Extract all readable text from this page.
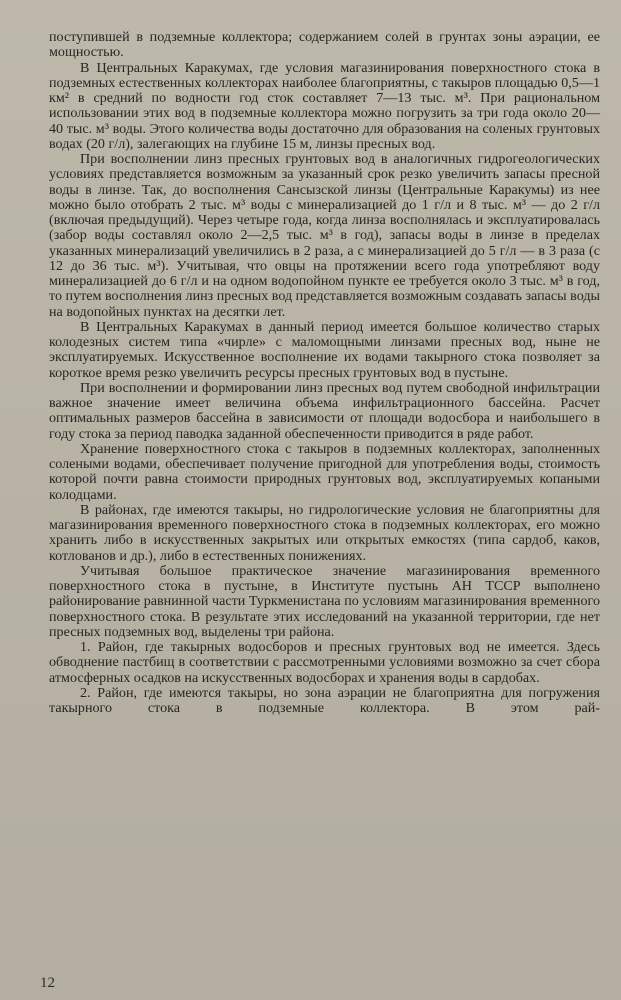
поступившей в подземные коллектора; содержанием солей в грунтах зоны аэрации, ее мощностью.

В Центральных Каракумах, где условия магазинирования поверхностного стока в подземных естественных коллекторах наиболее благоприятны, с такыров площадью 0,5—1 км² в средний по водности год сток составляет 7—13 тыс. м³. При рациональном использовании этих вод в подземные коллектора можно погрузить за три года около 20—40 тыс. м³ воды. Этого количества воды достаточно для образования на соленых грунтовых водах (20 г/л), залегающих на глубине 15 м, линзы пресных вод.

При восполнении линз пресных грунтовых вод в аналогичных гидрогеологических условиях представляется возможным за указанный срок резко увеличить запасы пресной воды в линзе. Так, до восполнения Сансызской линзы (Центральные Каракумы) из нее можно было отобрать 2 тыс. м³ воды с минерализацией до 1 г/л и 8 тыс. м³ — до 2 г/л (включая предыдущий). Через четыре года, когда линза восполнялась и эксплуатировалась (забор воды составлял около 2—2,5 тыс. м³ в год), запасы воды в линзе в пределах указанных минерализаций увеличились в 2 раза, а с минерализацией до 5 г/л — в 3 раза (с 12 до 36 тыс. м³). Учитывая, что овцы на протяжении всего года употребляют воду минерализацией до 6 г/л и на одном водопойном пункте ее требуется около 3 тыс. м³ в год, то путем восполнения линз пресных вод представляется возможным создавать запасы воды на водопойных пунктах на десятки лет.

В Центральных Каракумах в данный период имеется большое количество старых колодезных систем типа «чирле» с маломощными линзами пресных вод, ныне не эксплуатируемых. Искусственное восполнение их водами такырного стока позволяет за короткое время резко увеличить ресурсы пресных грунтовых вод в пустыне.

При восполнении и формировании линз пресных вод путем свободной инфильтрации важное значение имеет величина объема инфильтрационного бассейна. Расчет оптимальных размеров бассейна в зависимости от площади водосбора и наибольшего в году стока за период паводка заданной обеспеченности приводится в ряде работ.

Хранение поверхностного стока с такыров в подземных коллекторах, заполненных солеными водами, обеспечивает получение пригодной для употребления воды, стоимость которой почти равна стоимости природных грунтовых вод, эксплуатируемых копаными колодцами.

В районах, где имеются такыры, но гидрологические условия не благоприятны для магазинирования временного поверхностного стока в подземных коллекторах, его можно хранить либо в искусственных закрытых или открытых емкостях (типа сардоб, каков, котлованов и др.), либо в естественных понижениях.

Учитывая большое практическое значение магазинирования временного поверхностного стока в пустыне, в Институте пустынь АН ТССР выполнено районирование равнинной части Туркменистана по условиям магазинирования временного поверхностного стока. В результате этих исследований на указанной территории, где нет пресных подземных вод, выделены три района.

1. Район, где такырных водосборов и пресных грунтовых вод не имеется. Здесь обводнение пастбищ в соответствии с рассмотренными условиями возможно за счет сбора атмосферных осадков на искусственных водосборах и хранения воды в сардобах.

2. Район, где имеются такыры, но зона аэрации не благоприятна для погружения такырного стока в подземные коллектора. В этом рай-

12
